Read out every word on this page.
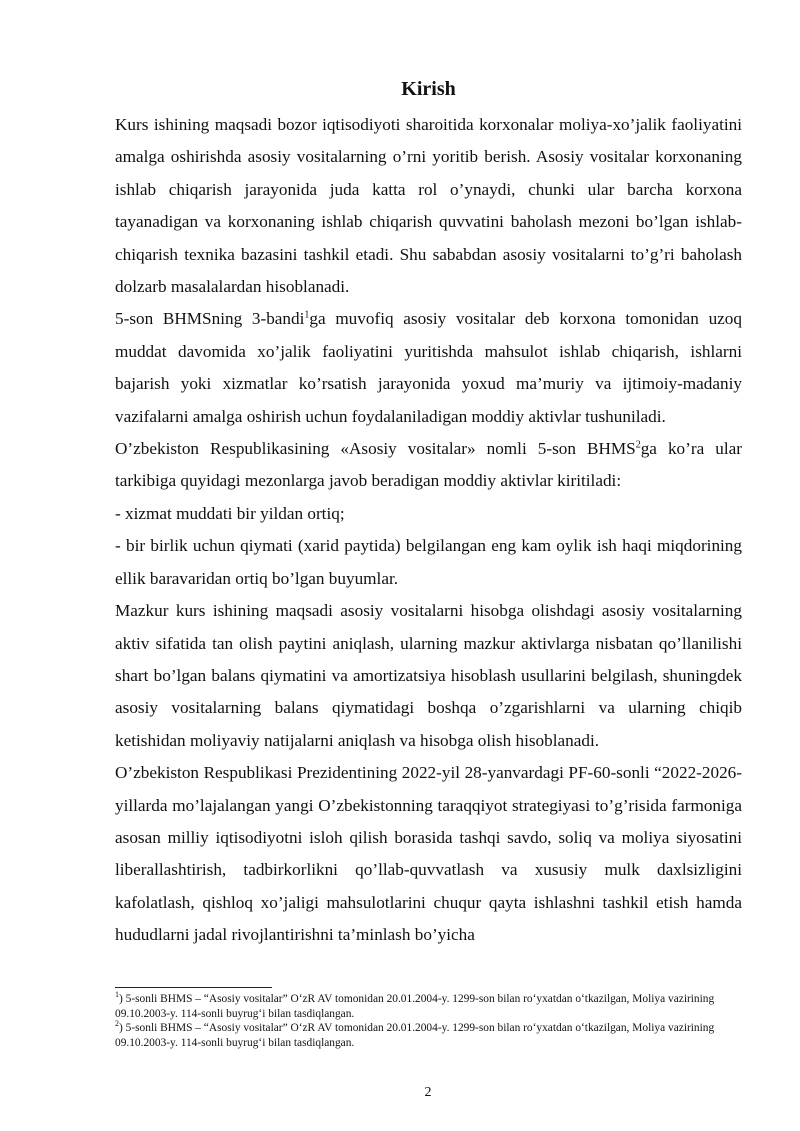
Kirish

Kurs ishining maqsadi bozor iqtisodiyoti sharoitida korxonalar moliya-xo’jalik faoliyatini amalga oshirishda asosiy vositalarning o’rni yoritib berish. Asosiy vositalar korxonaning ishlab chiqarish jarayonida juda katta rol o’ynaydi, chunki ular barcha korxona tayanadigan va korxonaning ishlab chiqarish quvvatini baholash mezoni bo’lgan ishlab-chiqarish texnika bazasini tashkil etadi. Shu sababdan asosiy vositalarni to’g’ri baholash dolzarb masalalardan hisoblanadi.

5-son BHMSning 3-bandi$^1$ga muvofiq asosiy vositalar deb korxona tomonidan uzoq muddat davomida xo’jalik faoliyatini yuritishda mahsulot ishlab chiqarish, ishlarni bajarish yoki xizmatlar ko’rsatish jarayonida yoxud ma’muriy va ijtimoiy-madaniy vazifalarni amalga oshirish uchun foydalaniladigan moddiy aktivlar tushuniladi.

O’zbekiston Respublikasining «Asosiy vositalar» nomli 5-son BHMS$^2$ga ko’ra ular tarkibiga quyidagi mezonlarga javob beradigan moddiy aktivlar kiritiladi:

- xizmat muddati bir yildan ortiq;

- bir birlik uchun qiymati (xarid paytida) belgilangan eng kam oylik ish haqi miqdorining ellik baravaridan ortiq bo’lgan buyumlar.

Mazkur kurs ishining maqsadi asosiy vositalarni hisobga olishdagi asosiy vositalarning aktiv sifatida tan olish paytini aniqlash, ularning mazkur aktivlarga nisbatan qo’llanilishi shart bo’lgan balans qiymatini va amortizatsiya hisoblash usullarini belgilash, shuningdek asosiy vositalarning balans qiymatidagi boshqa o’zgarishlarni va ularning chiqib ketishidan moliyaviy natijalarni aniqlash va hisobga olish hisoblanadi.

O’zbekiston Respublikasi Prezidentining 2022-yil 28-yanvardagi PF-60-sonli “2022-2026-yillarda mo’lajalangan yangi O’zbekistonning taraqqiyot strategiyasi to’g’risida farmoniga asosan milliy iqtisodiyotni isloh qilish borasida tashqi savdo, soliq va moliya siyosatini liberallashtirish, tadbirkorlikni qo’llab-quvvatlash va xususiy mulk daxlsizligini kafolatlash, qishloq xo’jaligi mahsulotlarini chuqur qayta ishlashni tashkil etish hamda hududlarni jadal rivojlantirishni ta’minlash bo’yicha

$^1$) 5-sonli BHMS – “Asosiy vositalar” O‘zR AV tomonidan 20.01.2004-y. 1299-son bilan ro‘yxatdan o‘tkazilgan, Moliya vazirining 09.10.2003-y. 114-sonli buyrug‘i bilan tasdiqlangan.

$^2$) 5-sonli BHMS – “Asosiy vositalar” O‘zR AV tomonidan 20.01.2004-y. 1299-son bilan ro‘yxatdan o‘tkazilgan, Moliya vazirining 09.10.2003-y. 114-sonli buyrug‘i bilan tasdiqlangan.

2
